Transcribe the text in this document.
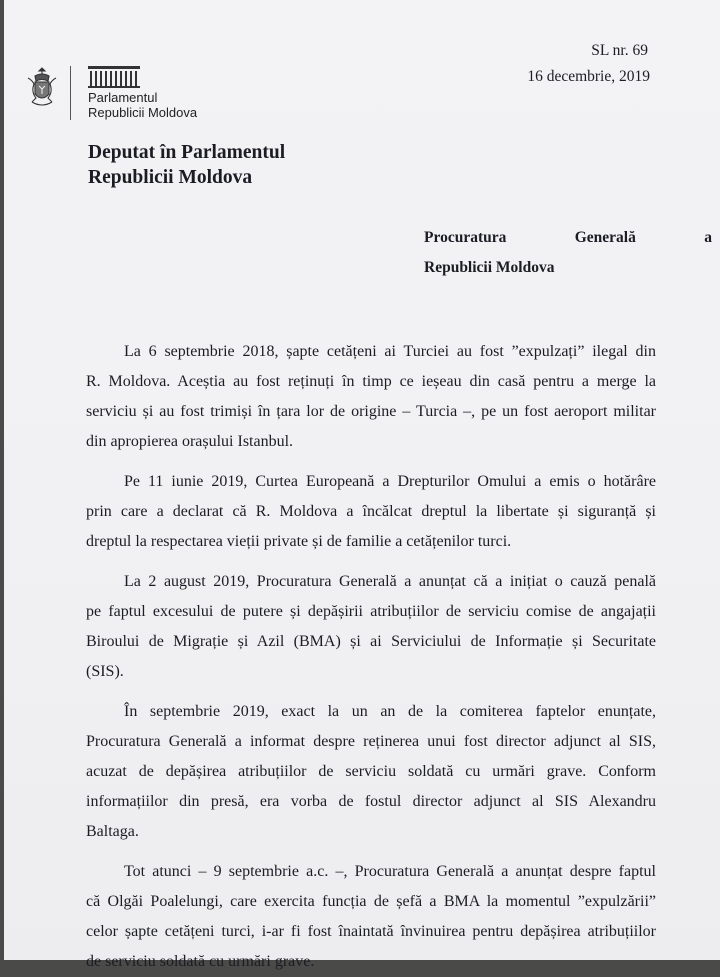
SL nr. 69
16 decembrie, 2019
Parlamentul
Republicii Moldova
Deputat în Parlamentul
Republicii Moldova
Procuratura	Generală	a
Republicii Moldova
La 6 septembrie 2018, șapte cetățeni ai Turciei au fost ”expulzați” ilegal din
R. Moldova. Aceștia au fost reținuți în timp ce ieșeau din casă pentru a merge la
serviciu și au fost trimiși în țara lor de origine – Turcia –, pe un fost aeroport militar
din apropierea orașului Istanbul.
Pe 11 iunie 2019, Curtea Europeană a Drepturilor Omului a emis o hotărâre
prin care a declarat că R. Moldova a încălcat dreptul la libertate și siguranță și
dreptul la respectarea vieții private și de familie a cetățenilor turci.
La 2 august 2019, Procuratura Generală a anunțat că a inițiat o cauză penală
pe faptul excesului de putere și depășirii atribuțiilor de serviciu comise de angajații
Biroului de Migrație și Azil (BMA) și ai Serviciului de Informație și Securitate
(SIS).
În septembrie 2019, exact la un an de la comiterea faptelor enunțate,
Procuratura Generală a informat despre reținerea unui fost director adjunct al SIS,
acuzat de depășirea atribuțiilor de serviciu soldată cu urmări grave. Conform
informațiilor din presă, era vorba de fostul director adjunct al SIS Alexandru
Baltaga.
Tot atunci – 9 septembrie a.c. –, Procuratura Generală a anunțat despre faptul
că Olgăi Poalelungi, care exercita funcția de șefă a BMA la momentul ”expulzării”
celor șapte cetățeni turci, i-ar fi fost înaintată învinuirea pentru depășirea atribuțiilor
de serviciu soldată cu urmări grave.
